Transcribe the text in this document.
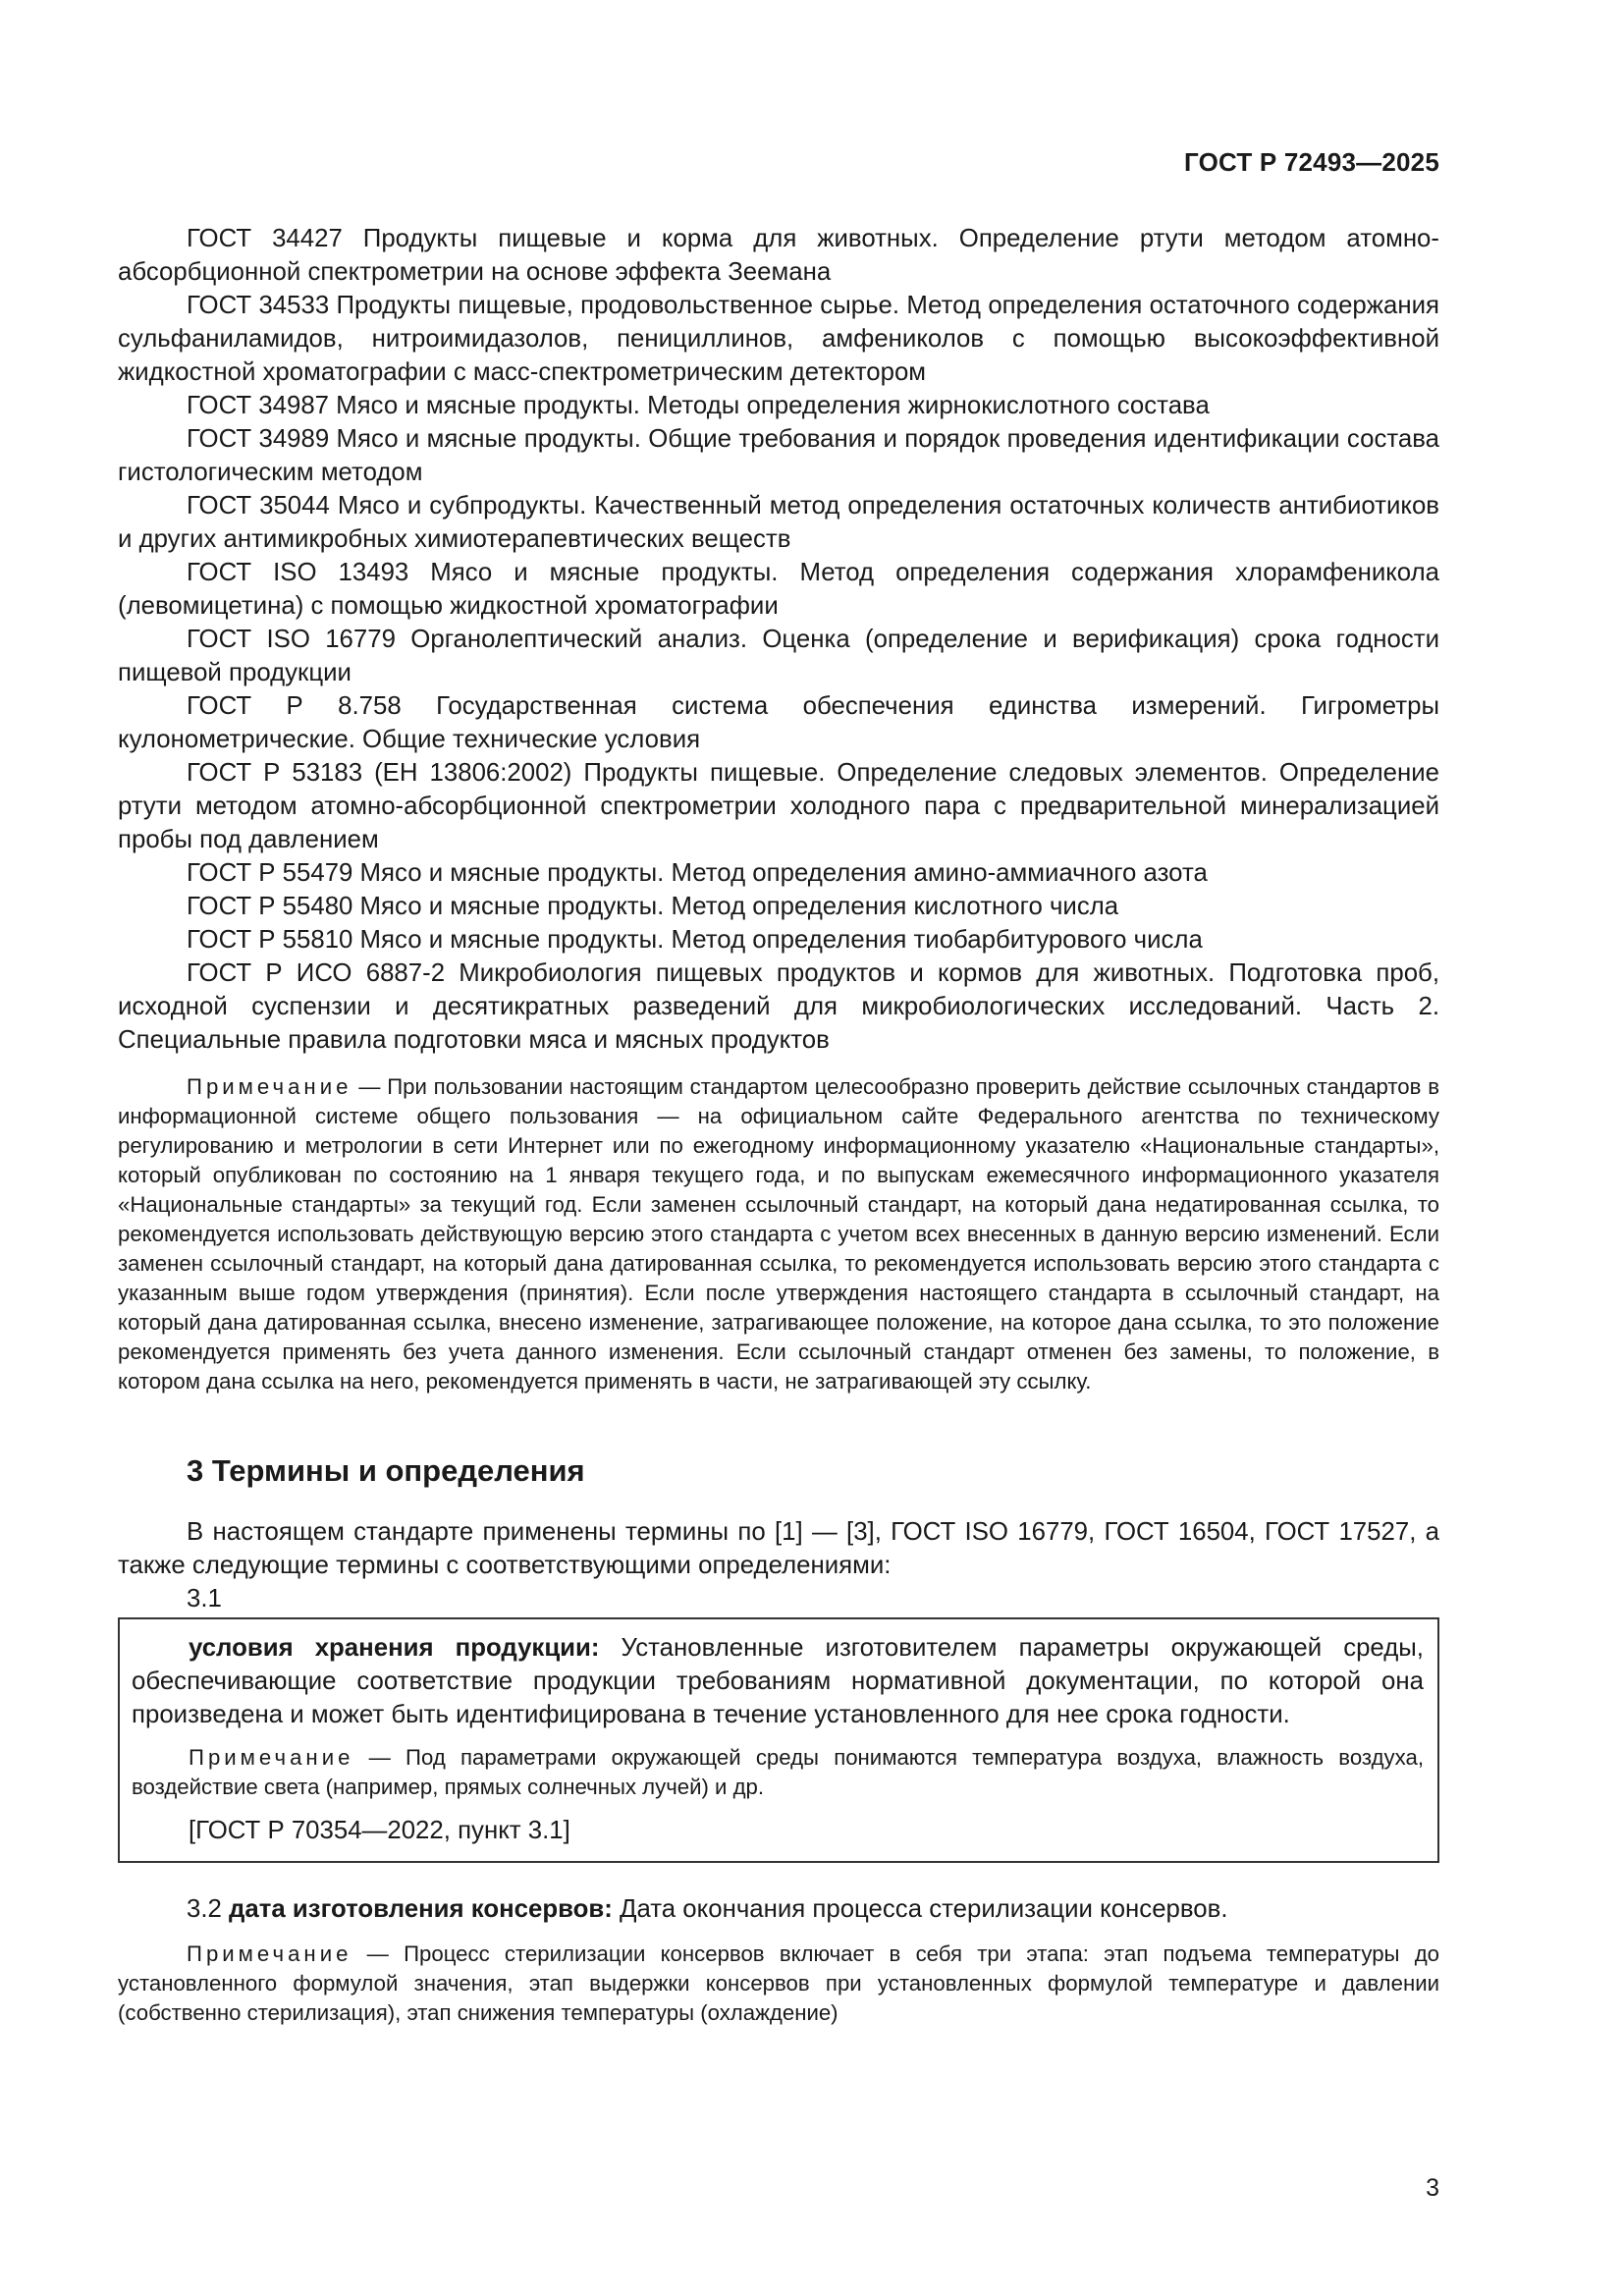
ГОСТ Р 72493—2025

ГОСТ 34427 Продукты пищевые и корма для животных. Определение ртути методом атомно-абсорбционной спектрометрии на основе эффекта Зеемана

ГОСТ 34533 Продукты пищевые, продовольственное сырье. Метод определения остаточного содержания сульфаниламидов, нитроимидазолов, пенициллинов, амфениколов с помощью высокоэффективной жидкостной хроматографии с масс-спектрометрическим детектором

ГОСТ 34987 Мясо и мясные продукты. Методы определения жирнокислотного состава

ГОСТ 34989 Мясо и мясные продукты. Общие требования и порядок проведения идентификации состава гистологическим методом

ГОСТ 35044 Мясо и субпродукты. Качественный метод определения остаточных количеств антибиотиков и других антимикробных химиотерапевтических веществ

ГОСТ ISO 13493 Мясо и мясные продукты. Метод определения содержания хлорамфеникола (левомицетина) с помощью жидкостной хроматографии

ГОСТ ISO 16779 Органолептический анализ. Оценка (определение и верификация) срока годности пищевой продукции

ГОСТ Р 8.758 Государственная система обеспечения единства измерений. Гигрометры кулонометрические. Общие технические условия

ГОСТ Р 53183 (ЕН 13806:2002) Продукты пищевые. Определение следовых элементов. Определение ртути методом атомно-абсорбционной спектрометрии холодного пара с предварительной минерализацией пробы под давлением

ГОСТ Р 55479 Мясо и мясные продукты. Метод определения амино-аммиачного азота

ГОСТ Р 55480 Мясо и мясные продукты. Метод определения кислотного числа

ГОСТ Р 55810 Мясо и мясные продукты. Метод определения тиобарбитурового числа

ГОСТ Р ИСО 6887-2 Микробиология пищевых продуктов и кормов для животных. Подготовка проб, исходной суспензии и десятикратных разведений для микробиологических исследований. Часть 2. Специальные правила подготовки мяса и мясных продуктов

Примечание — При пользовании настоящим стандартом целесообразно проверить действие ссылочных стандартов в информационной системе общего пользования — на официальном сайте Федерального агентства по техническому регулированию и метрологии в сети Интернет или по ежегодному информационному указателю «Национальные стандарты», который опубликован по состоянию на 1 января текущего года, и по выпускам ежемесячного информационного указателя «Национальные стандарты» за текущий год. Если заменен ссылочный стандарт, на который дана недатированная ссылка, то рекомендуется использовать действующую версию этого стандарта с учетом всех внесенных в данную версию изменений. Если заменен ссылочный стандарт, на который дана датированная ссылка, то рекомендуется использовать версию этого стандарта с указанным выше годом утверждения (принятия). Если после утверждения настоящего стандарта в ссылочный стандарт, на который дана датированная ссылка, внесено изменение, затрагивающее положение, на которое дана ссылка, то это положение рекомендуется применять без учета данного изменения. Если ссылочный стандарт отменен без замены, то положение, в котором дана ссылка на него, рекомендуется применять в части, не затрагивающей эту ссылку.

3 Термины и определения

В настоящем стандарте применены термины по [1] — [3], ГОСТ ISO 16779, ГОСТ 16504, ГОСТ 17527, а также следующие термины с соответствующими определениями:

3.1

условия хранения продукции: Установленные изготовителем параметры окружающей среды, обеспечивающие соответствие продукции требованиям нормативной документации, по которой она произведена и может быть идентифицирована в течение установленного для нее срока годности.

Примечание — Под параметрами окружающей среды понимаются температура воздуха, влажность воздуха, воздействие света (например, прямых солнечных лучей) и др.

[ГОСТ Р 70354—2022, пункт 3.1]

3.2 дата изготовления консервов: Дата окончания процесса стерилизации консервов.

Примечание — Процесс стерилизации консервов включает в себя три этапа: этап подъема температуры до установленного формулой значения, этап выдержки консервов при установленных формулой температуре и давлении (собственно стерилизация), этап снижения температуры (охлаждение)

3
